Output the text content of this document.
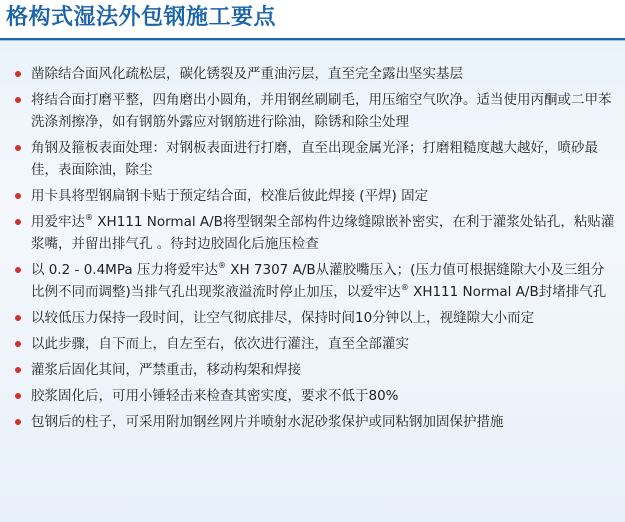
格构式湿法外包钢施工要点
凿除结合面风化疏松层，碳化锈裂及严重油污层，直至完全露出坚实基层
将结合面打磨平整，四角磨出小圆角，并用钢丝刷刷毛，用压缩空气吹净。适当使用丙酮或二甲苯洗涤剂擦净，如有钢筋外露应对钢筋进行除油，除锈和除尘处理
角钢及箍板表面处理：对钢板表面进行打磨，直至出现金属光泽；打磨粗糙度越大越好，喷砂最佳，表面除油，除尘
用卡具将型钢扁钢卡贴于预定结合面，校准后彼此焊接 (平焊) 固定
用爱牢达® XH111 Normal A/B将型钢架全部构件边缘缝隙嵌补密实，在利于灌浆处钻孔，粘贴灌浆嘴，并留出排气孔 。待封边胶固化后施压检查
以 0.2 - 0.4MPa 压力将爱牢达® XH 7307 A/B从灌胶嘴压入；(压力值可根据缝隙大小及三组分比例不同而调整)当排气孔出现浆液溢流时停止加压，以爱牢达® XH111 Normal A/B封堵排气孔
以较低压力保持一段时间，让空气彻底排尽，保持时间10分钟以上，视缝隙大小而定
以此步骤，自下而上，自左至右，依次进行灌注，直至全部灌实
灌浆后固化其间，严禁重击，移动构架和焊接
胶浆固化后，可用小锤轻击来检查其密实度，要求不低于80%
包钢后的柱子，可采用附加钢丝网片并喷射水泥砂浆保护或同粘钢加固保护措施
